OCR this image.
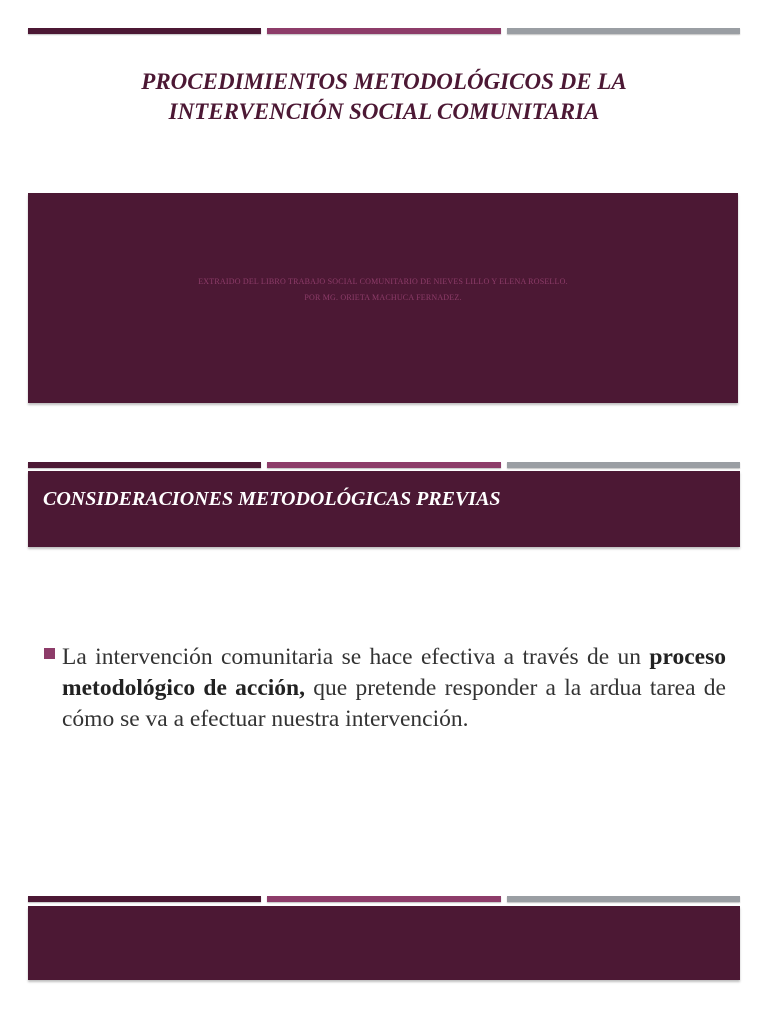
PROCEDIMIENTOS METODOLÓGICOS DE LA
INTERVENCIÓN SOCIAL COMUNITARIA
EXTRAIDO DEL LIBRO TRABAJO SOCIAL COMUNITARIO DE NIEVES LILLO Y ELENA ROSELLO.
POR MG. ORIETA MACHUCA FERNADEZ.
CONSIDERACIONES METODOLÓGICAS PREVIAS

La intervención comunitaria se hace efectiva a través de un proceso metodológico de acción, que pretende responder a la ardua tarea de cómo se va a efectuar nuestra intervención.
